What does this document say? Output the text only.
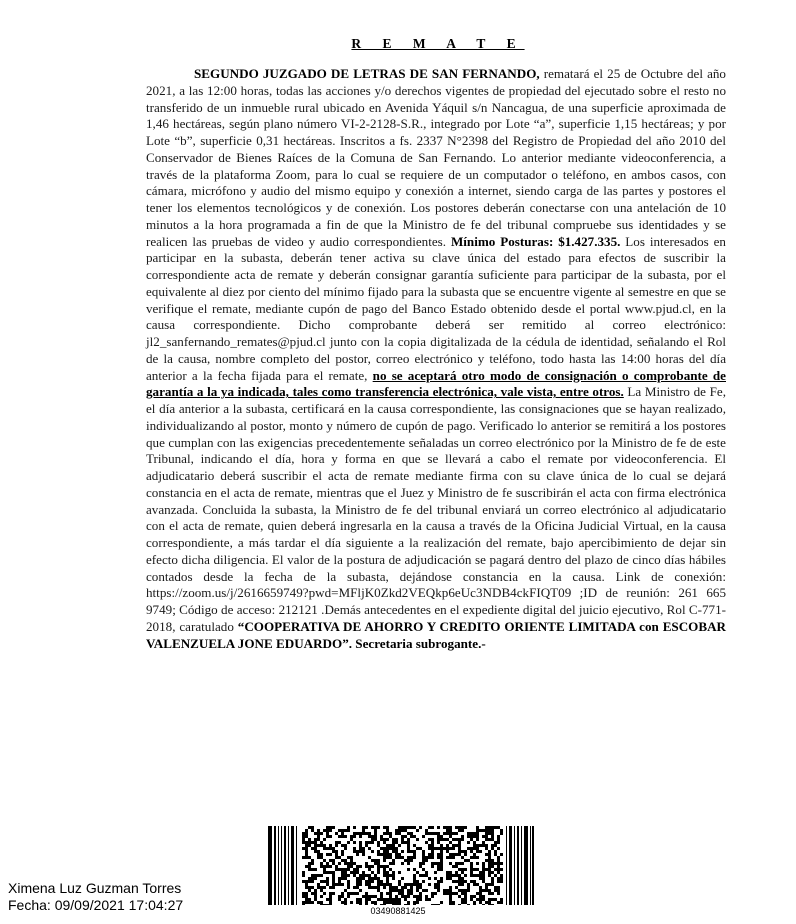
R E M A T E

SEGUNDO JUZGADO DE LETRAS DE SAN FERNANDO, rematará el 25 de Octubre del año 2021, a las 12:00 horas, todas las acciones y/o derechos vigentes de propiedad del ejecutado sobre el resto no transferido de un inmueble rural ubicado en Avenida Yáquil s/n Nancagua, de una superficie aproximada de 1,46 hectáreas, según plano número VI-2-2128-S.R., integrado por Lote “a”, superficie 1,15 hectáreas; y por Lote “b”, superficie 0,31 hectáreas. Inscritos a fs. 2337 N°2398 del Registro de Propiedad del año 2010 del Conservador de Bienes Raíces de la Comuna de San Fernando. Lo anterior mediante videoconferencia, a través de la plataforma Zoom, para lo cual se requiere de un computador o teléfono, en ambos casos, con cámara, micrófono y audio del mismo equipo y conexión a internet, siendo carga de las partes y postores el tener los elementos tecnológicos y de conexión. Los postores deberán conectarse con una antelación de 10 minutos a la hora programada a fin de que la Ministro de fe del tribunal compruebe sus identidades y se realicen las pruebas de video y audio correspondientes. Mínimo Posturas: $1.427.335. Los interesados en participar en la subasta, deberán tener activa su clave única del estado para efectos de suscribir la correspondiente acta de remate y deberán consignar garantía suficiente para participar de la subasta, por el equivalente al diez por ciento del mínimo fijado para la subasta que se encuentre vigente al semestre en que se verifique el remate, mediante cupón de pago del Banco Estado obtenido desde el portal www.pjud.cl, en la causa correspondiente. Dicho comprobante deberá ser remitido al correo electrónico: jl2_sanfernando_remates@pjud.cl junto con la copia digitalizada de la cédula de identidad, señalando el Rol de la causa, nombre completo del postor, correo electrónico y teléfono, todo hasta las 14:00 horas del día anterior a la fecha fijada para el remate, no se aceptará otro modo de consignación o comprobante de garantía a la ya indicada, tales como transferencia electrónica, vale vista, entre otros. La Ministro de Fe, el día anterior a la subasta, certificará en la causa correspondiente, las consignaciones que se hayan realizado, individualizando al postor, monto y número de cupón de pago. Verificado lo anterior se remitirá a los postores que cumplan con las exigencias precedentemente señaladas un correo electrónico por la Ministro de fe de este Tribunal, indicando el día, hora y forma en que se llevará a cabo el remate por videoconferencia. El adjudicatario deberá suscribir el acta de remate mediante firma con su clave única de lo cual se dejará constancia en el acta de remate, mientras que el Juez y Ministro de fe suscribirán el acta con firma electrónica avanzada. Concluida la subasta, la Ministro de fe del tribunal enviará un correo electrónico al adjudicatario con el acta de remate, quien deberá ingresarla en la causa a través de la Oficina Judicial Virtual, en la causa correspondiente, a más tardar el día siguiente a la realización del remate, bajo apercibimiento de dejar sin efecto dicha diligencia. El valor de la postura de adjudicación se pagará dentro del plazo de cinco días hábiles contados desde la fecha de la subasta, dejándose constancia en la causa. Link de conexión: https://zoom.us/j/2616659749?pwd=MFljK0Zkd2VEQkp6eUc3NDB4ckFIQT09 ;ID de reunión: 261 665 9749; Código de acceso: 212121 .Demás antecedentes en el expediente digital del juicio ejecutivo, Rol C-771-2018, caratulado “COOPERATIVA DE AHORRO Y CREDITO ORIENTE LIMITADA con ESCOBAR VALENZUELA JONE EDUARDO”. Secretaria subrogante.-

03490881425
Ximena Luz Guzman Torres
Fecha: 09/09/2021 17:04:27
